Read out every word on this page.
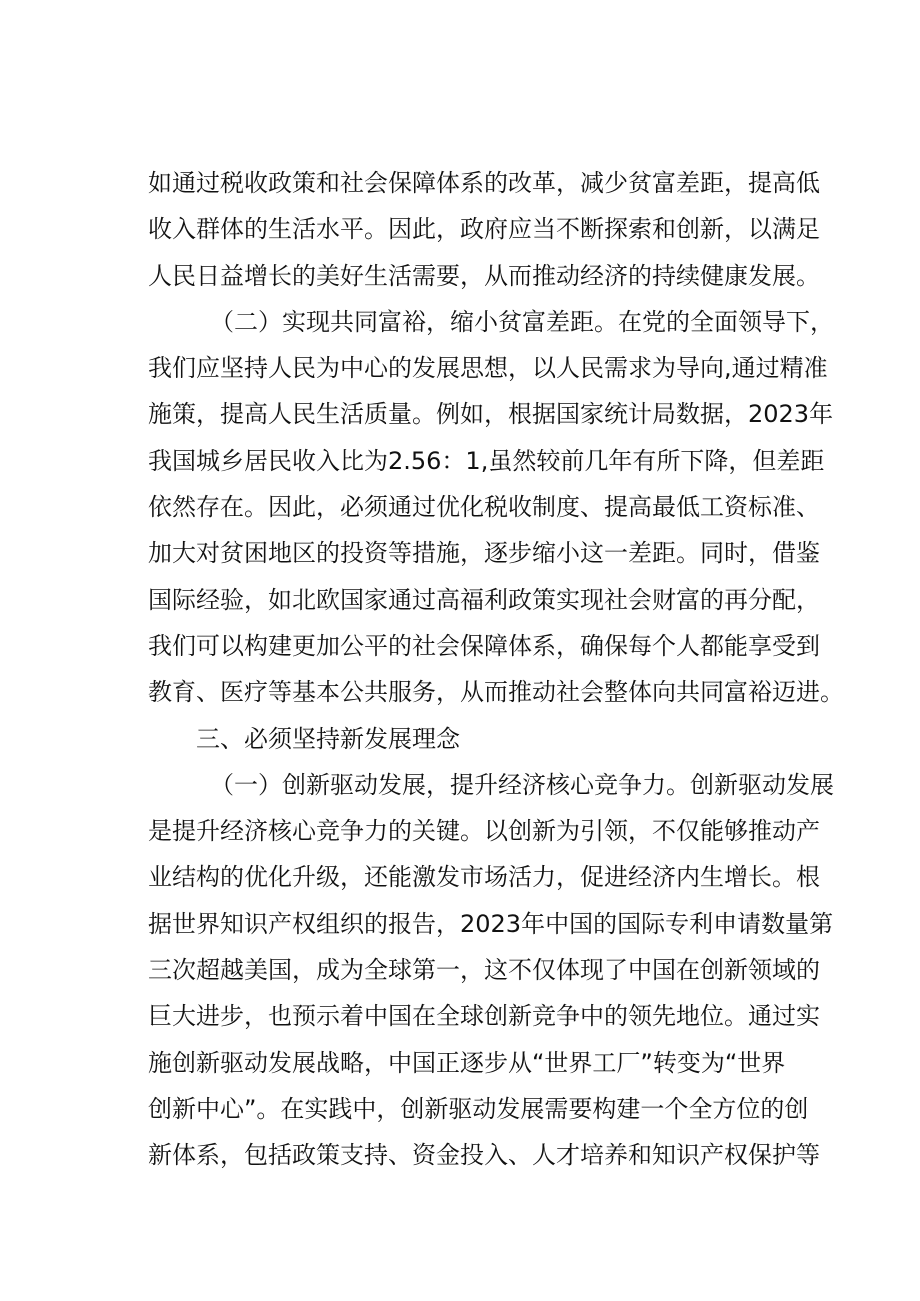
如通过税收政策和社会保障体系的改革，减少贫富差距，提高低
收入群体的生活水平。因此，政府应当不断探索和创新，以满足
人民日益增长的美好生活需要，从而推动经济的持续健康发展。
（二）实现共同富裕，缩小贫富差距。在党的全面领导下，
我们应坚持人民为中心的发展思想，以人民需求为导向,通过精准
施策，提高人民生活质量。例如，根据国家统计局数据，2023年
我国城乡居民收入比为2.56：1,虽然较前几年有所下降，但差距
依然存在。因此，必须通过优化税收制度、提高最低工资标准、
加大对贫困地区的投资等措施，逐步缩小这一差距。同时，借鉴
国际经验，如北欧国家通过高福利政策实现社会财富的再分配，
我们可以构建更加公平的社会保障体系，确保每个人都能享受到
教育、医疗等基本公共服务，从而推动社会整体向共同富裕迈进。
三、必须坚持新发展理念
（一）创新驱动发展，提升经济核心竞争力。创新驱动发展
是提升经济核心竞争力的关键。以创新为引领，不仅能够推动产
业结构的优化升级，还能激发市场活力，促进经济内生增长。根
据世界知识产权组织的报告，2023年中国的国际专利申请数量第
三次超越美国，成为全球第一，这不仅体现了中国在创新领域的
巨大进步，也预示着中国在全球创新竞争中的领先地位。通过实
施创新驱动发展战略，中国正逐步从“世界工厂”转变为“世界
创新中心”。在实践中，创新驱动发展需要构建一个全方位的创
新体系，包括政策支持、资金投入、人才培养和知识产权保护等
